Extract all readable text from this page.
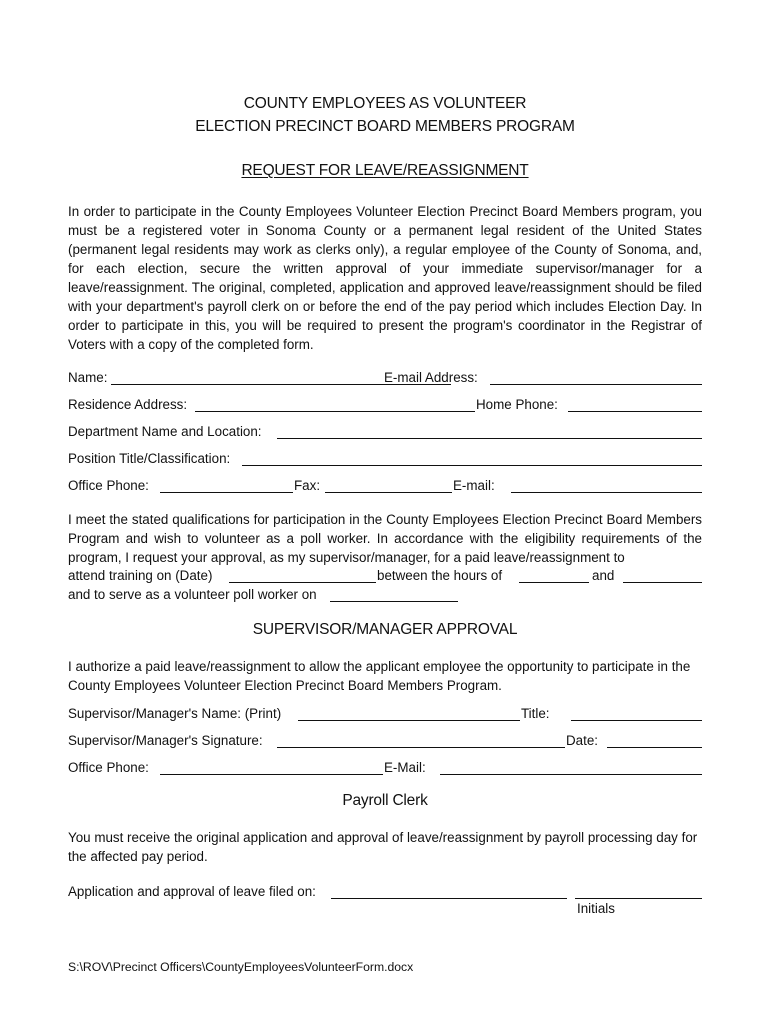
COUNTY EMPLOYEES AS VOLUNTEER
ELECTION PRECINCT BOARD MEMBERS PROGRAM
REQUEST FOR LEAVE/REASSIGNMENT
In order to participate in the County Employees Volunteer Election Precinct Board Members program, you must be a registered voter in Sonoma County or a permanent legal resident of the United States (permanent legal residents may work as clerks only), a regular employee of the County of Sonoma, and, for each election, secure the written approval of your immediate supervisor/manager for a leave/reassignment. The original, completed, application and approved leave/reassignment should be filed with your department's payroll clerk on or before the end of the pay period which includes Election Day. In order to participate in this, you will be required to present the program's coordinator in the Registrar of Voters with a copy of the completed form.
Name:	E-mail Address:
Residence Address:	Home Phone:
Department Name and Location:
Position Title/Classification:
Office Phone:	Fax:	E-mail:
I meet the stated qualifications for participation in the County Employees Election Precinct Board Members Program and wish to volunteer as a poll worker. In accordance with the eligibility requirements of the program, I request your approval, as my supervisor/manager, for a paid leave/reassignment to
attend training on (Date)	between the hours of	and
and to serve as a volunteer poll worker on
SUPERVISOR/MANAGER APPROVAL
I authorize a paid leave/reassignment to allow the applicant employee the opportunity to participate in the County Employees Volunteer Election Precinct Board Members Program.
Supervisor/Manager's Name: (Print)	Title:
Supervisor/Manager's Signature:	Date:
Office Phone:	E-Mail:
Payroll Clerk
You must receive the original application and approval of leave/reassignment by payroll processing day for the affected pay period.
Application and approval of leave filed on:
Initials
S:\ROV\Precinct Officers\CountyEmployeesVolunteerForm.docx
